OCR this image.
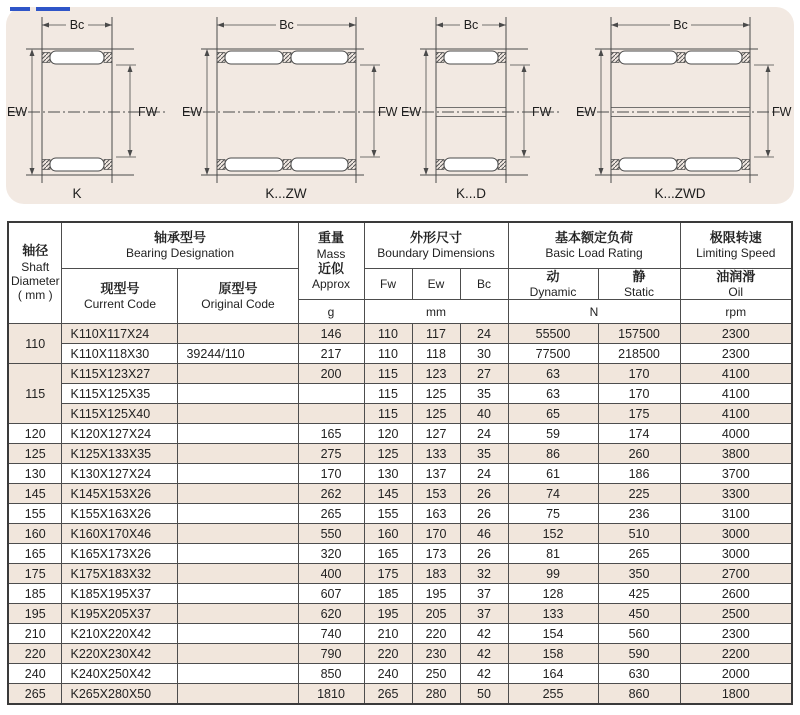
Bc
EW	FW
K
Bc
EW	FW
K...ZW
Bc
EW	FW
K...D
Bc
EW	FW
K...ZWD
轴径
Shaft
Diameter
( mm )

轴承型号
Bearing Designation

重量
Mass
近似
Approx

外形尺寸
Boundary Dimensions

基本额定负荷
Basic Load Rating

极限转速
Limiting Speed

现型号
Current Code

原型号
Original Code
	Fw	Ew	Bc	
动
Dynamic

静
Static

油润滑
Oil

			g	mm			N		rpm
110	K110X117X24		146	110	117	24	55500	157500	2300
	K110X118X30	39244/110	217	110	118	30	77500	218500	2300
115	K115X123X27		200	115	123	27	63	170	4100
	K115X125X35			115	125	35	63	170	4100
	K115X125X40			115	125	40	65	175	4100
120	K120X127X24		165	120	127	24	59	174	4000
125	K125X133X35		275	125	133	35	86	260	3800
130	K130X127X24		170	130	137	24	61	186	3700
145	K145X153X26		262	145	153	26	74	225	3300
155	K155X163X26		265	155	163	26	75	236	3100
160	K160X170X46		550	160	170	46	152	510	3000
165	K165X173X26		320	165	173	26	81	265	3000
175	K175X183X32		400	175	183	32	99	350	2700
185	K185X195X37		607	185	195	37	128	425	2600
195	K195X205X37		620	195	205	37	133	450	2500
210	K210X220X42		740	210	220	42	154	560	2300
220	K220X230X42		790	220	230	42	158	590	2200
240	K240X250X42		850	240	250	42	164	630	2000
265	K265X280X50		1810	265	280	50	255	860	1800
